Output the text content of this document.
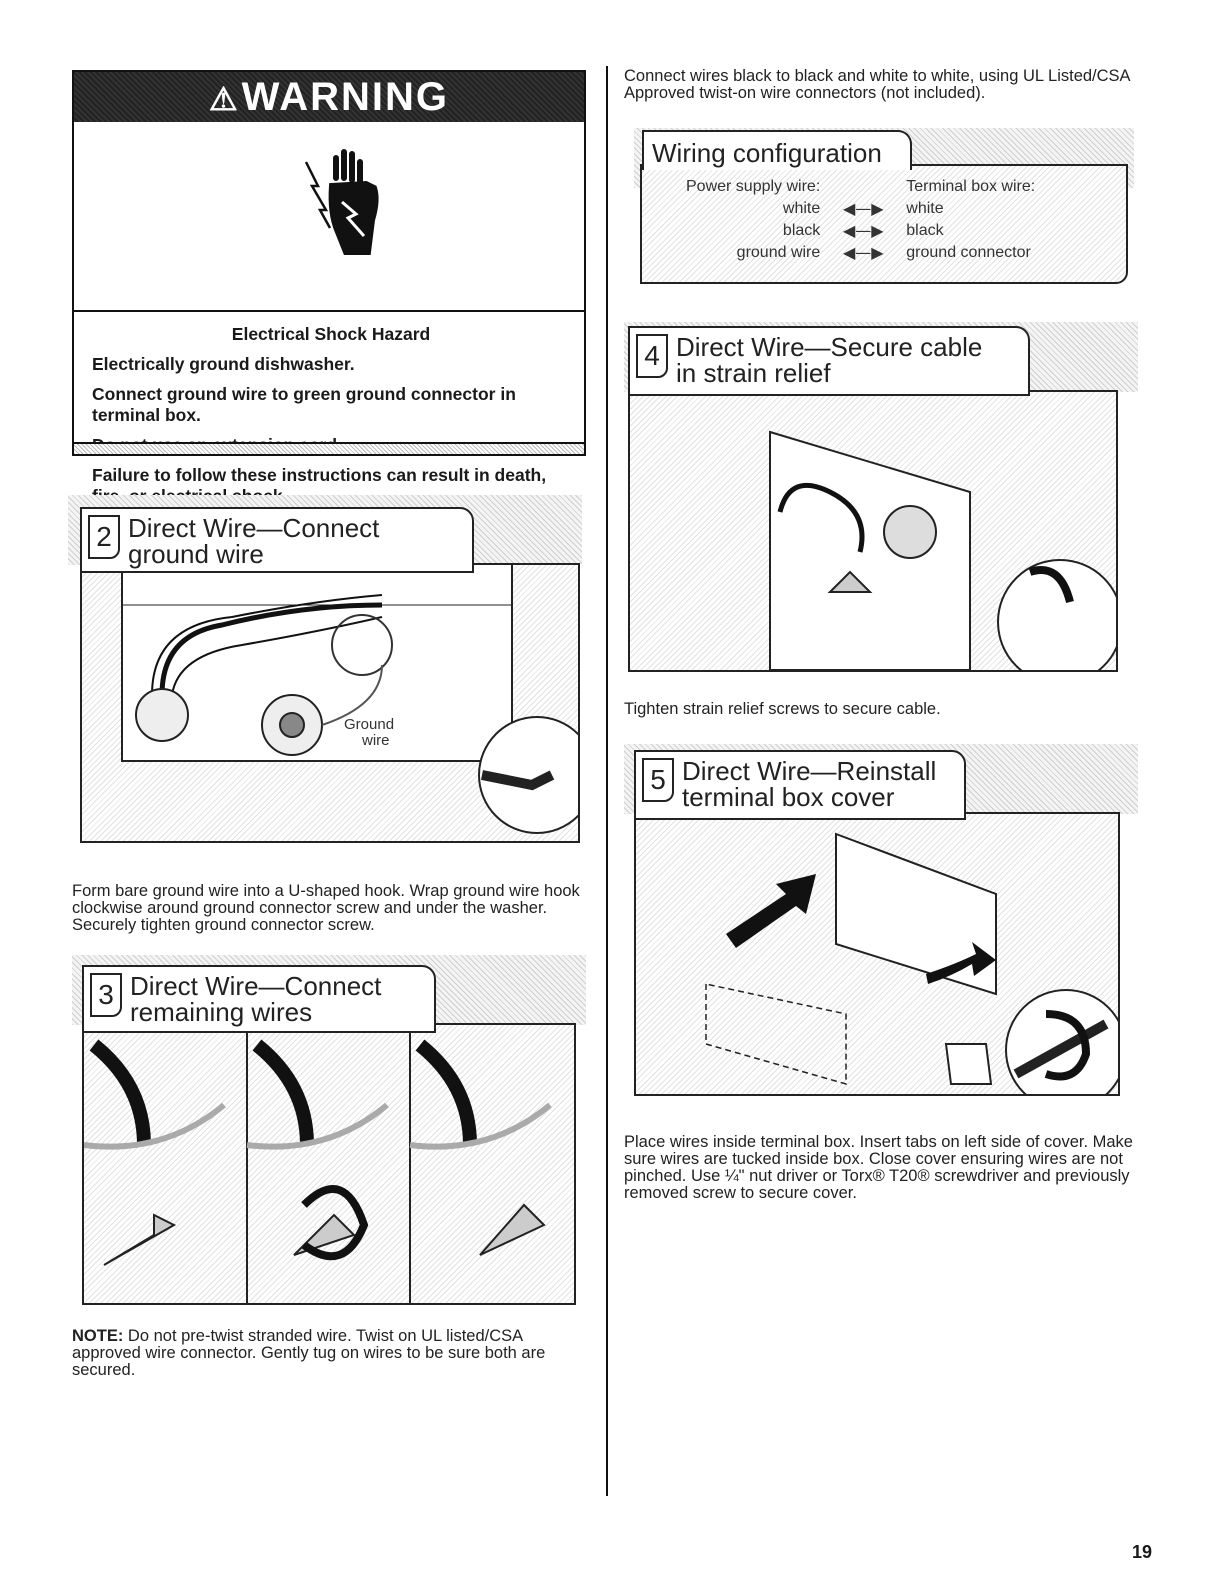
⚠WARNING

Electrical Shock Hazard

Electrically ground dishwasher.

Connect ground wire to green ground connector in terminal box.

Failure to follow these instructions can result in death,

Ground
wire
2 Direct Wire—Connect
ground wire
Form bare ground wire into a U-shaped hook. Wrap ground wire hook clockwise around ground connector screw and under the washer. Securely tighten ground connector screw.
3 Direct Wire—Connect
remaining wires
NOTE: Do not pre-twist stranded wire. Twist on UL listed/CSA approved wire connector. Gently tug on wires to be sure both are secured.
Connect wires black to black and white to white, using UL Listed/CSA Approved twist-on wire connectors (not included).
Power supply wire:		Terminal box wire:
white	◀—▶	white
black	◀—▶	black
ground wire	◀—▶	ground connector
Wiring configuration
4 Direct Wire—Secure cable
in strain relief
Tighten strain relief screws to secure cable.
5 Direct Wire—Reinstall
terminal box cover
Place wires inside terminal box. Insert tabs on left side of cover. Make sure wires are tucked inside box. Close cover ensuring wires are not pinched. Use ¼" nut driver or Torx® T20® screwdriver and previously removed screw to secure cover.
19
